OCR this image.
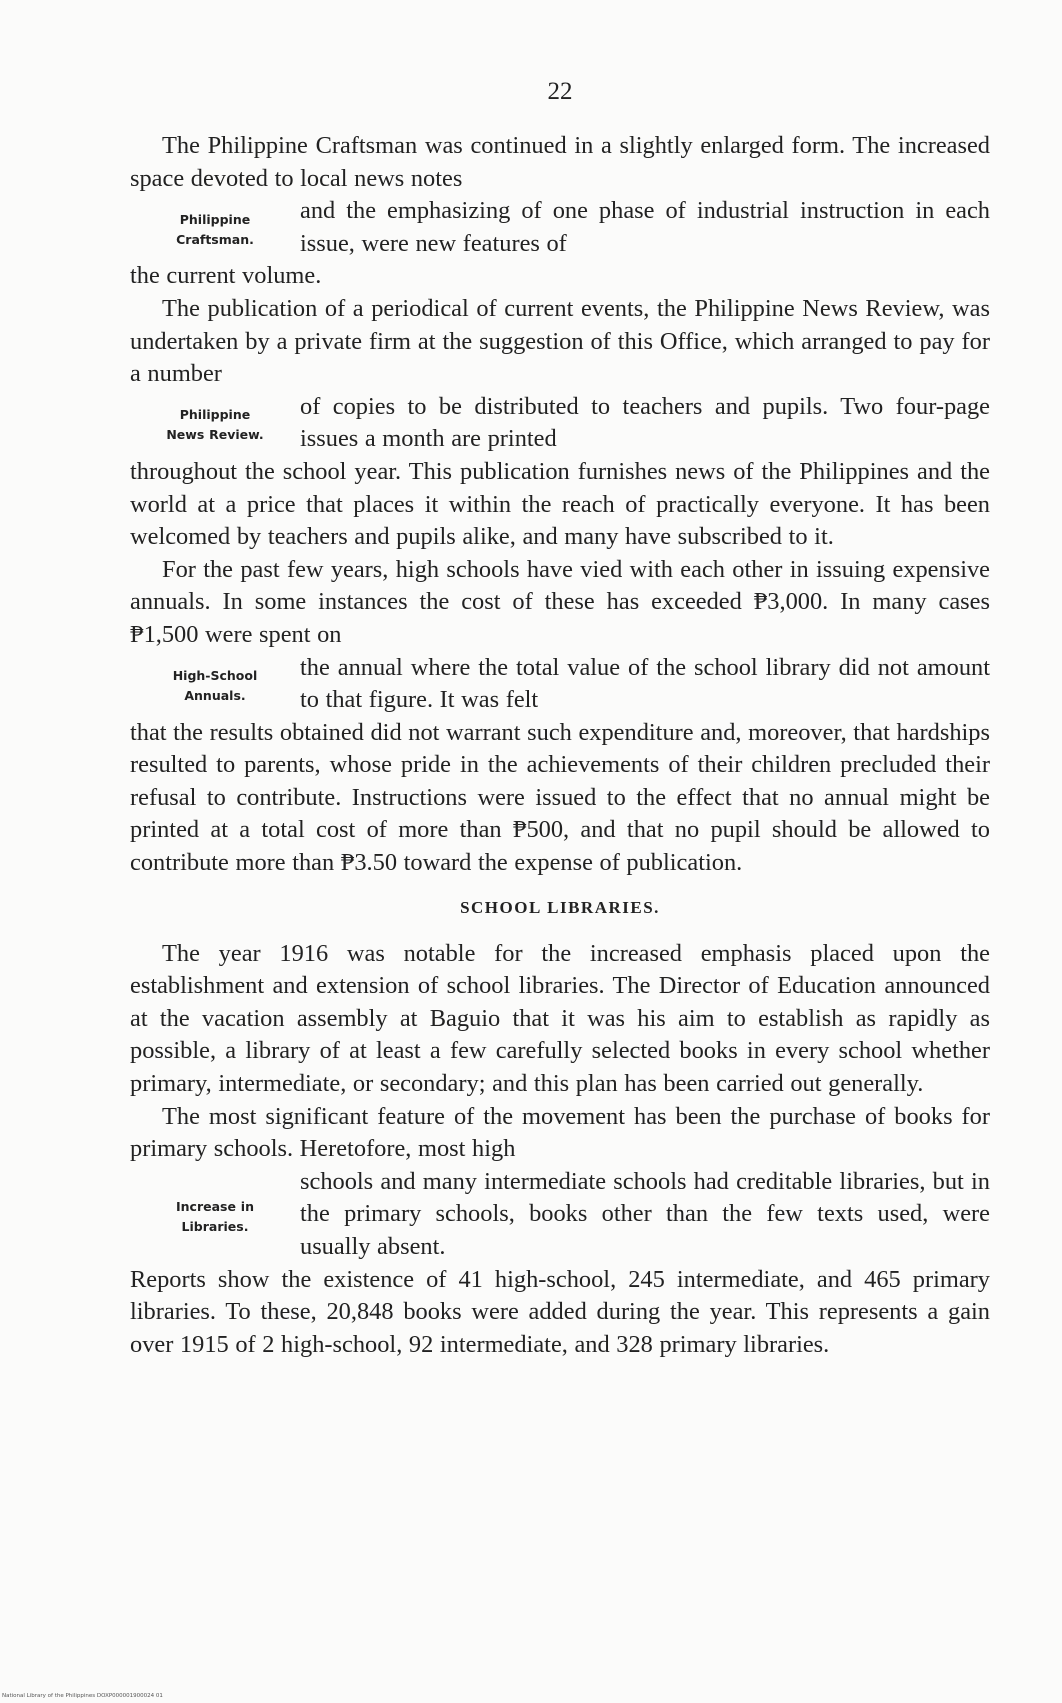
22
The Philippine Craftsman was continued in a slightly enlarged form. The increased space devoted to local news notes
Philippine
Craftsman.
and the emphasizing of one phase of industrial instruction in each issue, were new features of
the current volume.
The publication of a periodical of current events, the Philippine News Review, was undertaken by a private firm at the suggestion of this Office, which arranged to pay for a number
Philippine
News Review.
of copies to be distributed to teachers and pupils. Two four-page issues a month are printed
throughout the school year. This publication furnishes news of the Philippines and the world at a price that places it within the reach of practically everyone. It has been welcomed by teachers and pupils alike, and many have subscribed to it.
For the past few years, high schools have vied with each other in issuing expensive annuals. In some instances the cost of these has exceeded ₱3,000. In many cases ₱1,500 were spent on
High-School
Annuals.
the annual where the total value of the school library did not amount to that figure. It was felt
that the results obtained did not warrant such expenditure and, moreover, that hardships resulted to parents, whose pride in the achievements of their children precluded their refusal to contribute. Instructions were issued to the effect that no annual might be printed at a total cost of more than ₱500, and that no pupil should be allowed to contribute more than ₱3.50 toward the expense of publication.
SCHOOL LIBRARIES.

The year 1916 was notable for the increased emphasis placed upon the establishment and extension of school libraries. The Director of Education announced at the vacation assembly at Baguio that it was his aim to establish as rapidly as possible, a library of at least a few carefully selected books in every school whether primary, intermediate, or secondary; and this plan has been carried out generally.

The most significant feature of the movement has been the purchase of books for primary schools. Heretofore, most high
Increase in
Libraries.
schools and many intermediate schools had creditable libraries, but in the primary schools, books other than the few texts used, were usually absent.
Reports show the existence of 41 high-school, 245 intermediate, and 465 primary libraries. To these, 20,848 books were added during the year. This represents a gain over 1915 of 2 high-school, 92 intermediate, and 328 primary libraries.
National Library of the Philippines DOXP000001900024 01
